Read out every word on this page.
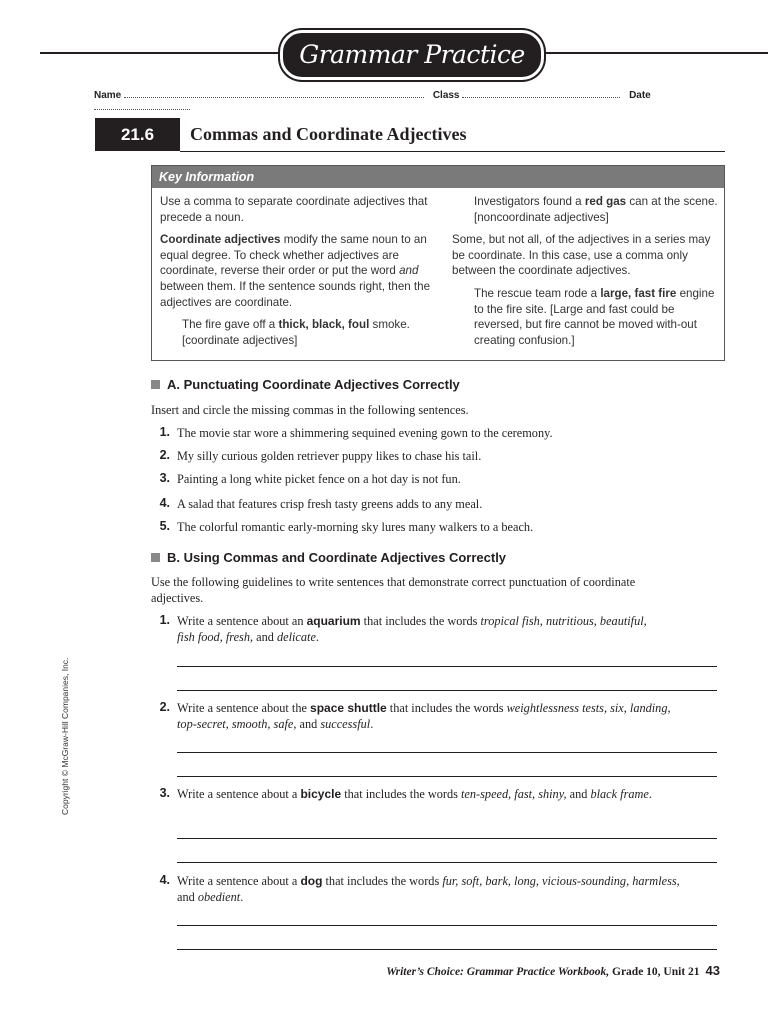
Grammar Practice
Name	Class	Date
21.6	Commas and Coordinate Adjectives
Key Information

Use a comma to separate coordinate adjectives that precede a noun.

Coordinate adjectives modify the same noun to an equal degree. To check whether adjectives are coordinate, reverse their order or put the word and between them. If the sentence sounds right, then the adjectives are coordinate.

The fire gave off a thick, black, foul smoke. [coordinate adjectives]

Investigators found a red gas can at the scene. [noncoordinate adjectives]

Some, but not all, of the adjectives in a series may be coordinate. In this case, use a comma only between the coordinate adjectives.

The rescue team rode a large, fast fire engine to the fire site. [Large and fast could be reversed, but fire cannot be moved with-out creating confusion.]

A. Punctuating Coordinate Adjectives Correctly
Insert and circle the missing commas in the following sentences.
1. The movie star wore a shimmering sequined evening gown to the ceremony.
2. My silly curious golden retriever puppy likes to chase his tail.
3. Painting a long white picket fence on a hot day is not fun.
4. A salad that features crisp fresh tasty greens adds to any meal.
5. The colorful romantic early-morning sky lures many walkers to a beach.
B. Using Commas and Coordinate Adjectives Correctly
Use the following guidelines to write sentences that demonstrate correct punctuation of coordinate adjectives.
1. Write a sentence about an aquarium that includes the words tropical fish, nutritious, beautiful, fish food, fresh, and delicate.
2. Write a sentence about the space shuttle that includes the words weightlessness tests, six, landing, top-secret, smooth, safe, and successful.
3. Write a sentence about a bicycle that includes the words ten-speed, fast, shiny, and black frame.
4. Write a sentence about a dog that includes the words fur, soft, bark, long, vicious-sounding, harmless, and obedient.
Copyright © McGraw-Hill Companies, Inc.
Writer’s Choice: Grammar Practice Workbook, Grade 10, Unit 21 43
